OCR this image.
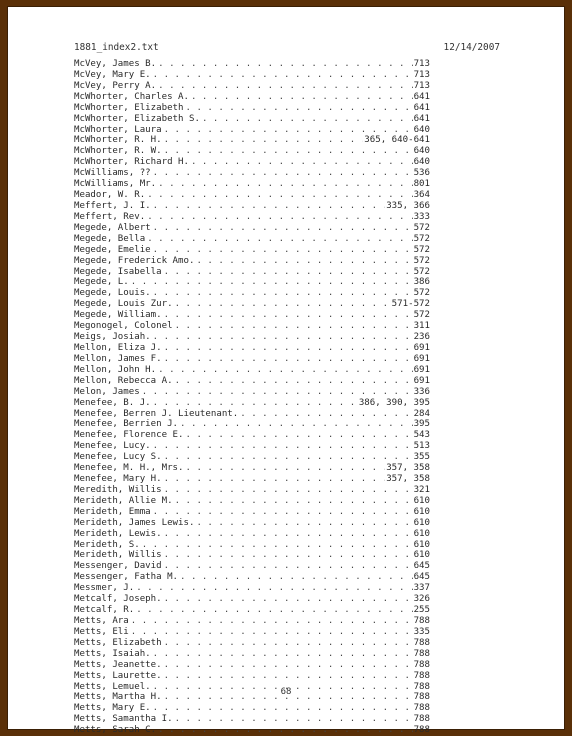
1881_index2.txt	12/14/2007
McVey, James B. . . .	713
McVey, Mary E. . . .	713
McVey, Perry A. . . .	713
McWhorter, Charles A. . . .	641
McWhorter, Elizabeth . . .	641
McWhorter, Elizabeth S. . . .	641
McWhorter, Laura . . .	640
McWhorter, R. H. . . .	365, 640-641
McWhorter, R. W. . . .	640
McWhorter, Richard H. . . .	640
McWilliams, ?? . . .	536
McWilliams, Mr. . . .	801
Meador, W. R. . . .	364
Meffert, J. I. . . .	335, 366
Meffert, Rev. . . .	333
Megede, Albert . . .	572
Megede, Bella . . .	572
Megede, Emelie . . .	572
Megede, Frederick Amo. . . .	572
Megede, Isabella . . .	572
Megede, L. . . .	386
Megede, Louis. . . .	572
Megede, Louis Zur. . . .	571-572
Megede, William. . . .	572
Megonogel, Colonel . . .	311
Meigs, Josiah. . . .	236
Mellon, Eliza J. . . .	691
Mellon, James F. . . .	691
Mellon, John H. . . .	691
Mellon, Rebecca A. . . .	691
Melon, James . . .	336
Menefee, B. J. . . .	386, 390, 395
Menefee, Berren J. Lieutenant. . . .	284
Menefee, Berrien J. . . .	395
Menefee, Florence E. . . .	543
Menefee, Lucy. . . .	513
Menefee, Lucy S. . . .	355
Menefee, M. H., Mrs. . . .	357, 358
Menefee, Mary H. . . .	357, 358
Meredith, Willis . . .	321
Merideth, Allie M. . . .	610
Merideth, Emma . . .	610
Merideth, James Lewis. . . .	610
Merideth, Lewis. . . .	610
Merideth, S. . . .	610
Merideth, Willis . . .	610
Messenger, David . . .	645
Messenger, Fatha M. . . .	645
Messmer, J. . . .	337
Metcalf, Joseph. . . .	326
Metcalf, R. . . .	255
Metts, Ara . . .	788
Metts, Eli . . .	335
Metts, Elizabeth . . .	788
Metts, Isaiah. . . .	788
Metts, Jeanette. . . .	788
Metts, Laurette. . . .	788
Metts, Lemuel. . . .	788
Metts, Martha H. . . .	788
Metts, Mary E. . . .	788
Metts, Samantha I. . . .	788
Metts, Sarah C. . . .	788
68
